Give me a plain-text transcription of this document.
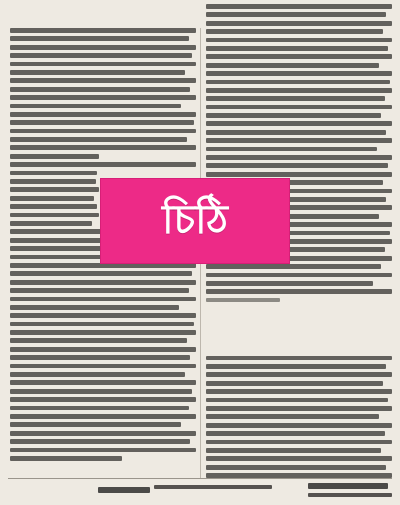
চিঠি
